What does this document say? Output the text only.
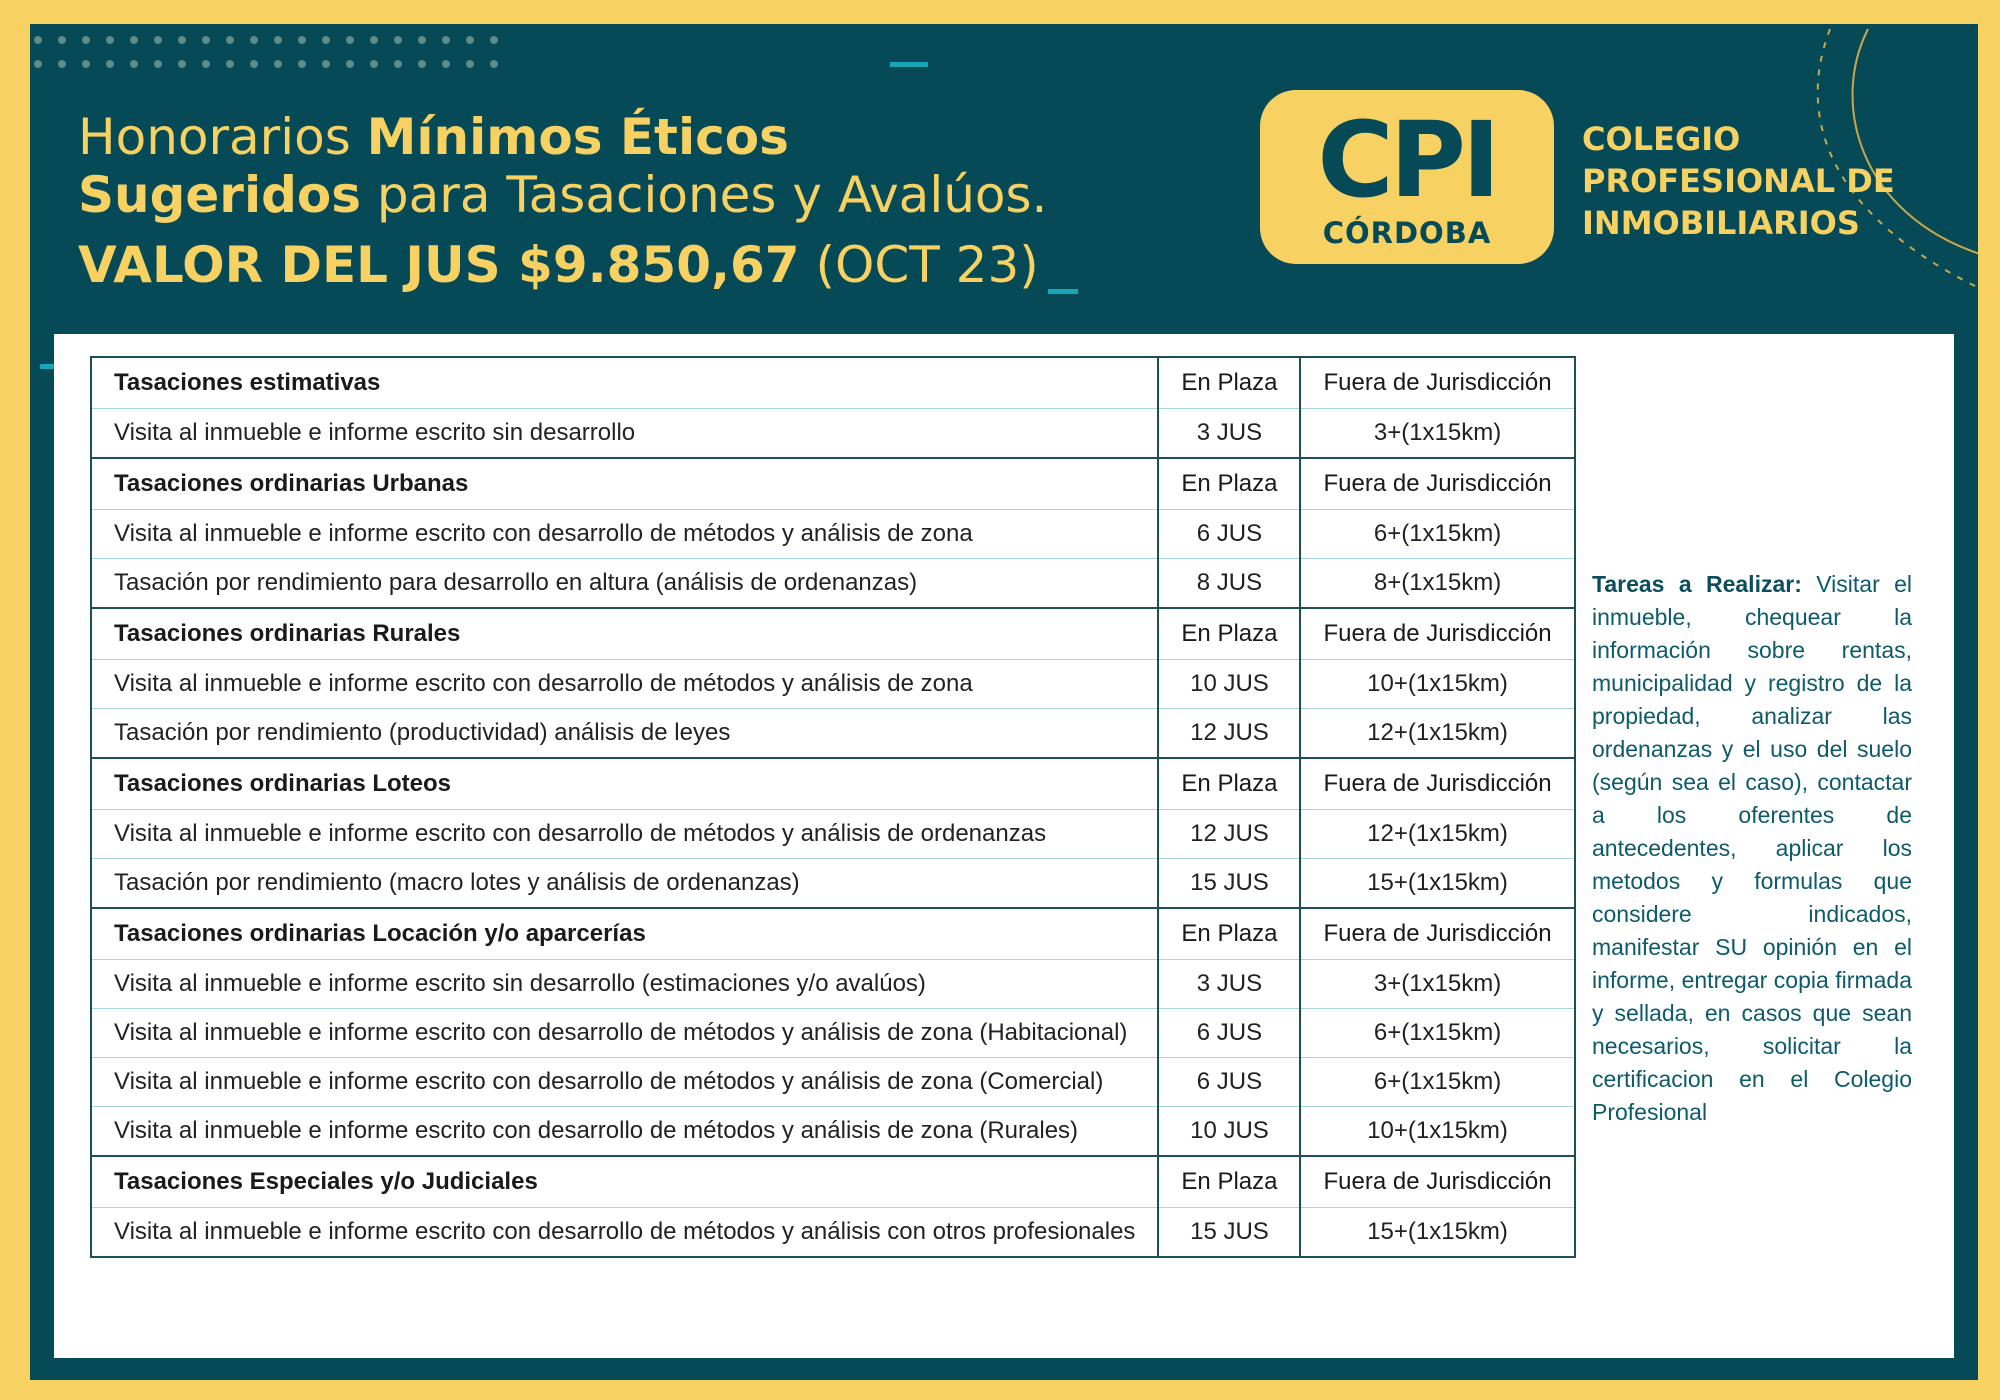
Honorarios Mínimos Éticos
Sugeridos para Tasaciones y Avalúos.
VALOR DEL JUS $9.850,67 (OCT 23)
CPI
CÓRDOBA
COLEGIO
PROFESIONAL DE
INMOBILIARIOS
Tasaciones estimativas	En Plaza	Fuera de Jurisdicción
Visita al inmueble e informe escrito sin desarrollo	3 JUS	3+(1x15km)
Tasaciones ordinarias Urbanas	En Plaza	Fuera de Jurisdicción
Visita al inmueble e informe escrito con desarrollo de métodos y análisis de zona	6 JUS	6+(1x15km)
Tasación por rendimiento para desarrollo en altura (análisis de ordenanzas)	8 JUS	8+(1x15km)
Tasaciones ordinarias Rurales	En Plaza	Fuera de Jurisdicción
Visita al inmueble e informe escrito con desarrollo de métodos y análisis de zona	10 JUS	10+(1x15km)
Tasación por rendimiento (productividad) análisis de leyes	12 JUS	12+(1x15km)
Tasaciones ordinarias Loteos	En Plaza	Fuera de Jurisdicción
Visita al inmueble e informe escrito con desarrollo de métodos y análisis de ordenanzas	12 JUS	12+(1x15km)
Tasación por rendimiento (macro lotes y análisis de ordenanzas)	15 JUS	15+(1x15km)
Tasaciones ordinarias Locación y/o aparcerías	En Plaza	Fuera de Jurisdicción
Visita al inmueble e informe escrito sin desarrollo (estimaciones y/o avalúos)	3 JUS	3+(1x15km)
Visita al inmueble e informe escrito con desarrollo de métodos y análisis de zona (Habitacional)	6 JUS	6+(1x15km)
Visita al inmueble e informe escrito con desarrollo de métodos y análisis de zona (Comercial)	6 JUS	6+(1x15km)
Visita al inmueble e informe escrito con desarrollo de métodos y análisis de zona (Rurales)	10 JUS	10+(1x15km)
Tasaciones Especiales y/o Judiciales	En Plaza	Fuera de Jurisdicción
Visita al inmueble e informe escrito con desarrollo de métodos y análisis con otros profesionales	15 JUS	15+(1x15km)
Tareas a Realizar: Visitar el inmueble, chequear la información sobre rentas, municipalidad y registro de la propiedad, analizar las ordenanzas y el uso del suelo (según sea el caso), contactar a los oferentes de antecedentes, aplicar los metodos y formulas que considere indicados, manifestar SU opinión en el informe, entregar copia firmada y sellada, en casos que sean necesarios, solicitar la certificacion en el Colegio Profesional
